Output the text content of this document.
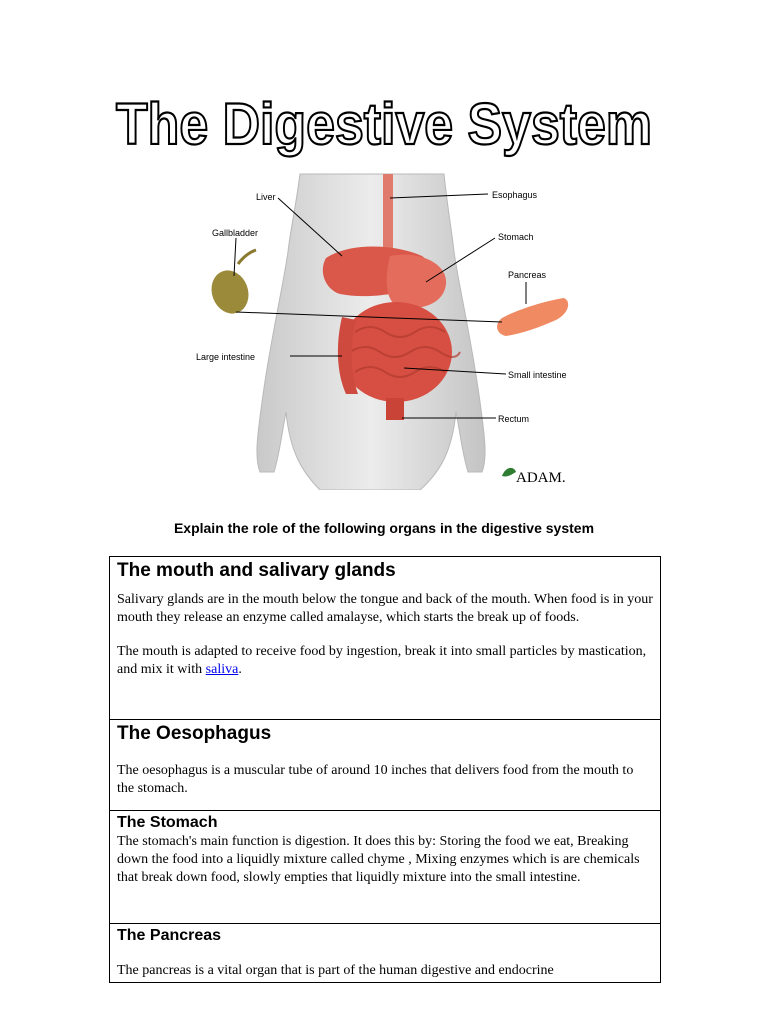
The Digestive System
Liver
Gallbladder
Large intestine
Esophagus
Stomach
Pancreas
Small intestine
Rectum
ADAM.
Explain the role of the following organs in the digestive system
The mouth and salivary glands

Salivary glands are in the mouth below the tongue and back of the mouth. When food is in your mouth they release an enzyme called amalayse, which starts the break up of foods.

The mouth is adapted to receive food by ingestion, break it into small particles by mastication, and mix it with saliva.

The Oesophagus

The oesophagus is a muscular tube of around 10 inches that delivers food from the mouth to the stomach.

The Stomach

The stomach's main function is digestion. It does this by: Storing the food we eat, Breaking down the food into a liquidly mixture called chyme , Mixing enzymes which is are chemicals that break down food, slowly empties that liquidly mixture into the small intestine.

The Pancreas

The pancreas is a vital organ that is part of the human digestive and endocrine
